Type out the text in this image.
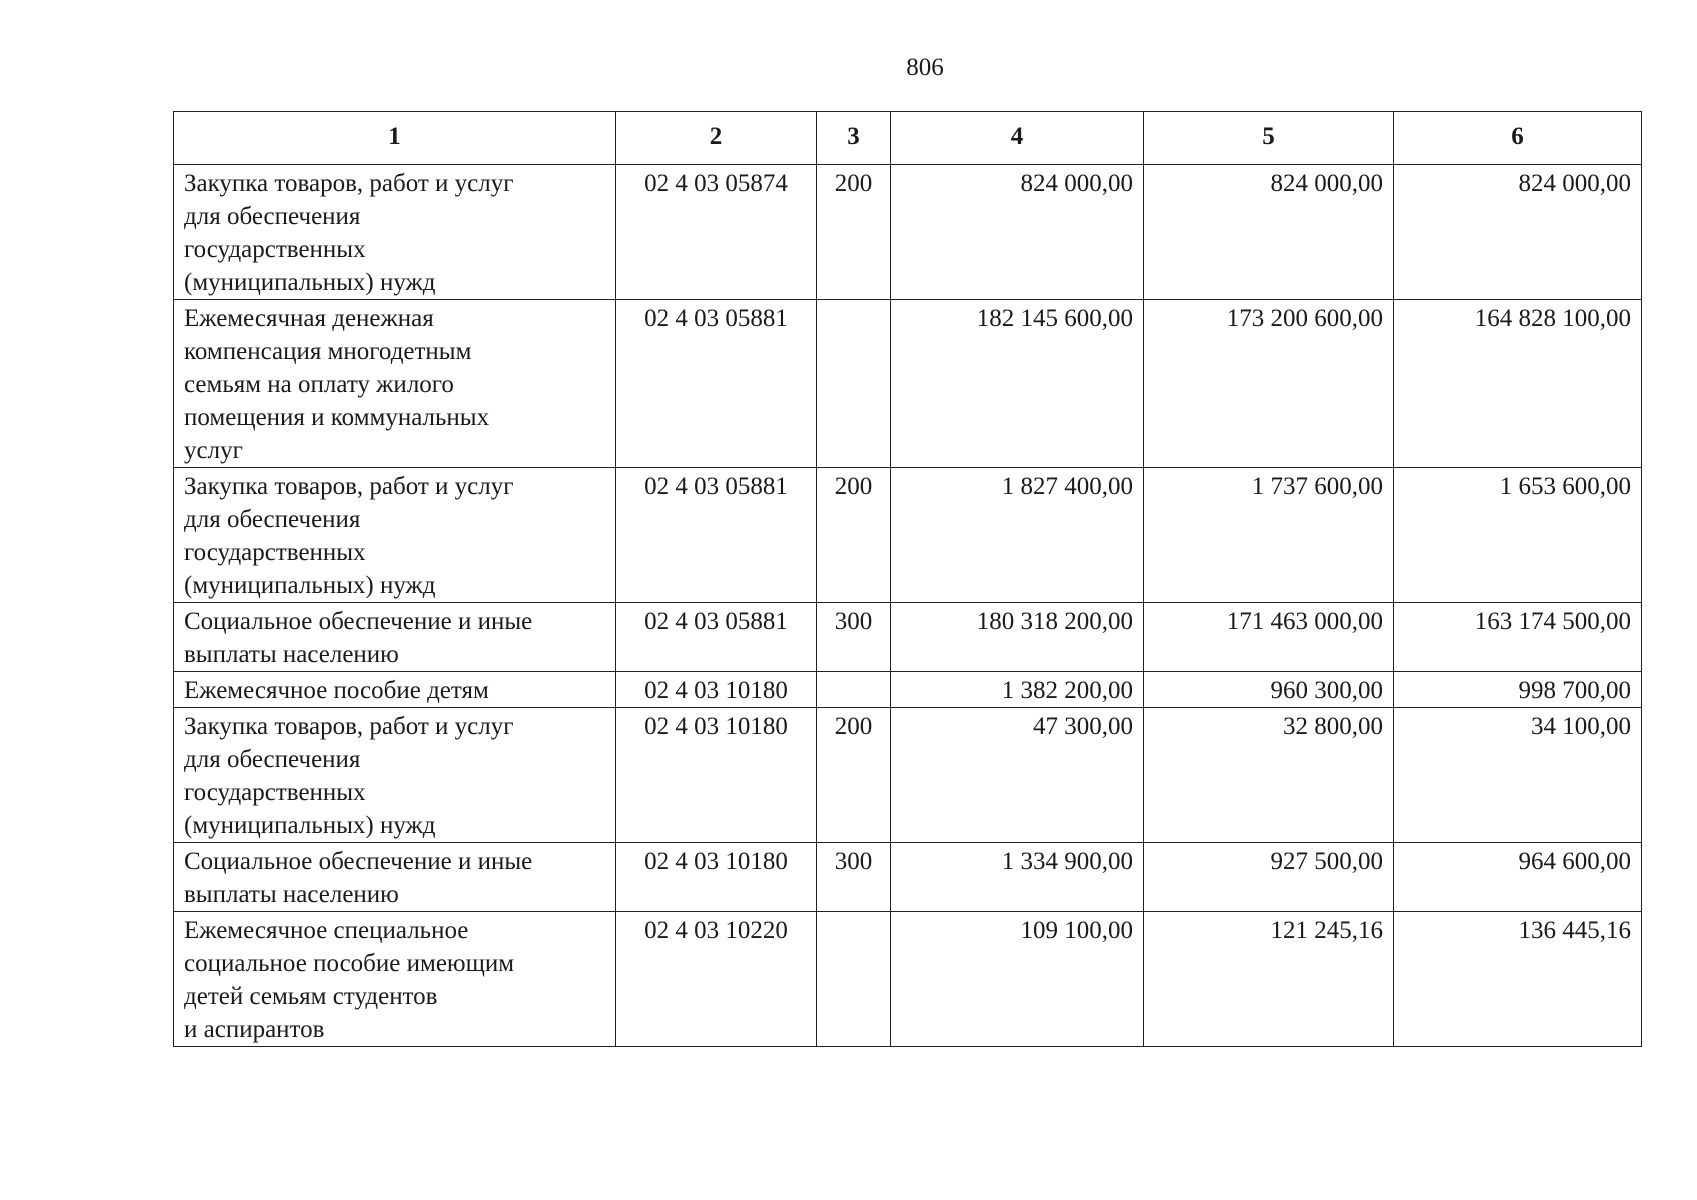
806
1	2	3	4	5	6

Закупка товаров, работ и услуг
для обеспечения
государственных
(муниципальных) нужд	02 4 03 05874	200	824 000,00	824 000,00	824 000,00

Ежемесячная денежная
компенсация многодетным
семьям на оплату жилого
помещения и коммунальных
услуг	02 4 03 05881		182 145 600,00	173 200 600,00	164 828 100,00

Закупка товаров, работ и услуг
для обеспечения
государственных
(муниципальных) нужд	02 4 03 05881	200	1 827 400,00	1 737 600,00	1 653 600,00

Социальное обеспечение и иные
выплаты населению	02 4 03 05881	300	180 318 200,00	171 463 000,00	163 174 500,00

Ежемесячное пособие детям	02 4 03 10180		1 382 200,00	960 300,00	998 700,00

Закупка товаров, работ и услуг
для обеспечения
государственных
(муниципальных) нужд	02 4 03 10180	200	47 300,00	32 800,00	34 100,00

Социальное обеспечение и иные
выплаты населению	02 4 03 10180	300	1 334 900,00	927 500,00	964 600,00

Ежемесячное специальное
социальное пособие имеющим
детей семьям студентов
и аспирантов	02 4 03 10220		109 100,00	121 245,16	136 445,16
